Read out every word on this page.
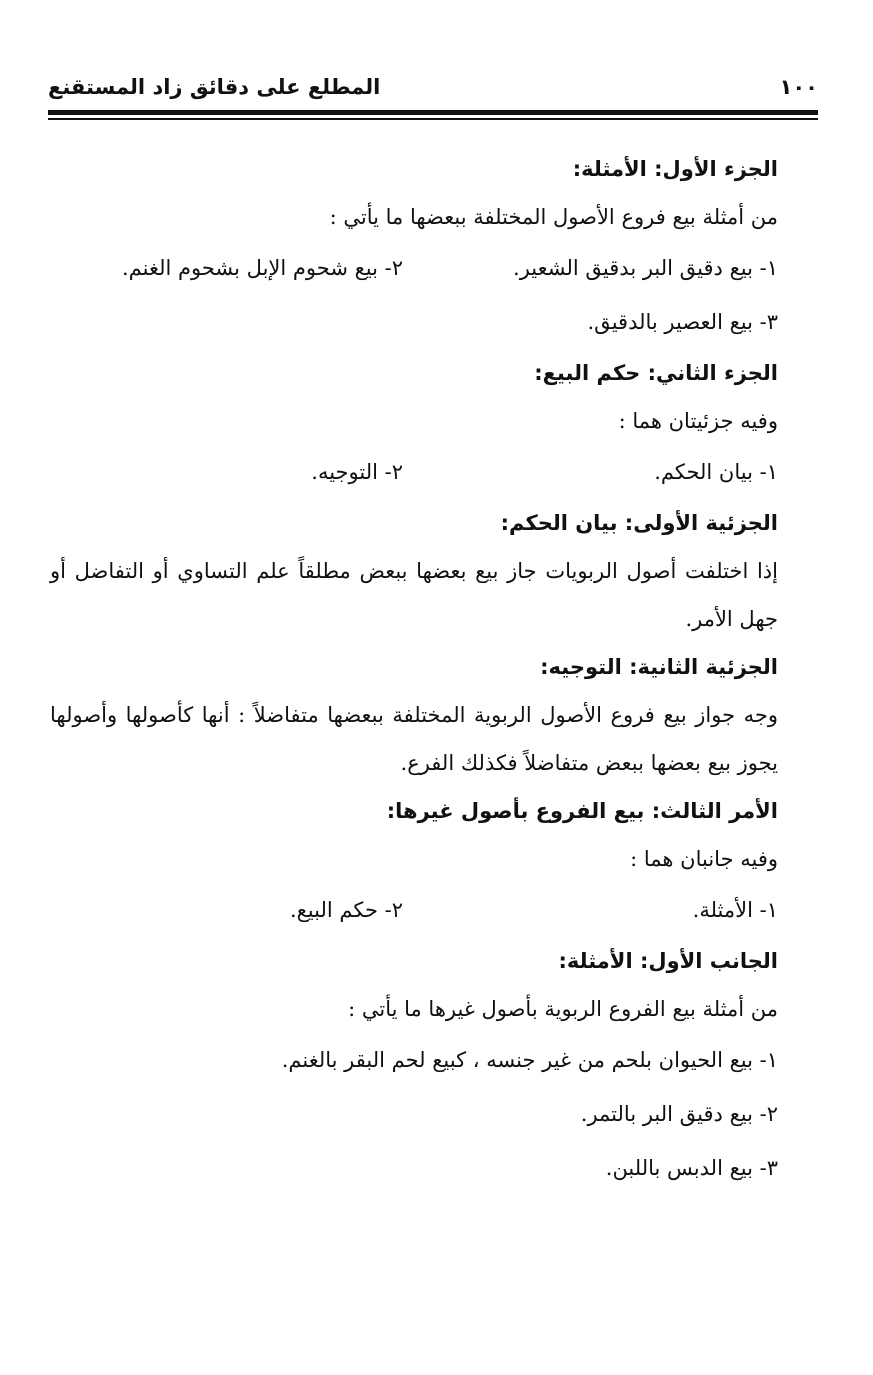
١٠٠
المطلع على دقائق زاد المستقنع

الجزء الأول: الأمثلة:

من أمثلة بيع فروع الأصول المختلفة ببعضها ما يأتي :

١- بيع دقيق البر بدقيق الشعير.
٢- بيع شحوم الإبل بشحوم الغنم.
٣- بيع العصير بالدقيق.

الجزء الثاني: حكم البيع:

وفيه جزئيتان هما :

١- بيان الحكم.
٢- التوجيه.

الجزئية الأولى: بيان الحكم:

إذا اختلفت أصول الربويات جاز بيع بعضها ببعض مطلقاً علم التساوي أو التفاضل أو جهل الأمر.

الجزئية الثانية: التوجيه:

وجه جواز بيع فروع الأصول الربوية المختلفة ببعضها متفاضلاً : أنها كأصولها وأصولها يجوز بيع بعضها ببعض متفاضلاً فكذلك الفرع.

الأمر الثالث: بيع الفروع بأصول غيرها:

وفيه جانبان هما :

١- الأمثلة.
٢- حكم البيع.

الجانب الأول: الأمثلة:

من أمثلة بيع الفروع الربوية بأصول غيرها ما يأتي :

١- بيع الحيوان بلحم من غير جنسه ، كبيع لحم البقر بالغنم.
٢- بيع دقيق البر بالتمر.
٣- بيع الدبس باللبن.
